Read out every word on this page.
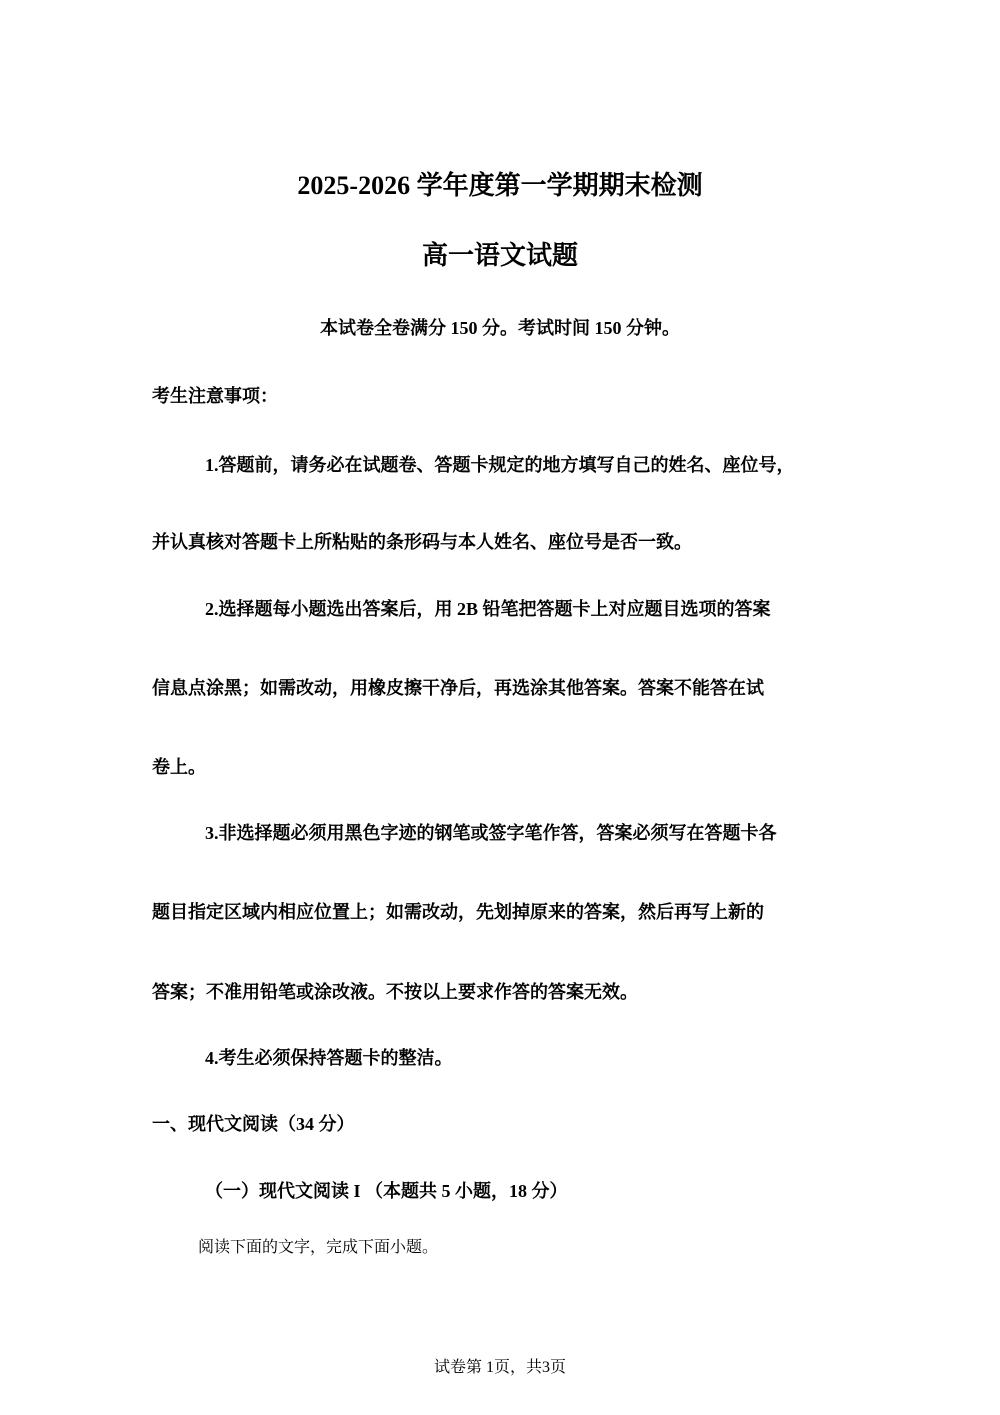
2025-2026 学年度第一学期期末检测
高一语文试题
本试卷全卷满分 150 分。考试时间 150 分钟。
考生注意事项：
1.答题前，请务必在试题卷、答题卡规定的地方填写自己的姓名、座位号，
并认真核对答题卡上所粘贴的条形码与本人姓名、座位号是否一致。
2.选择题每小题选出答案后，用 2B 铅笔把答题卡上对应题目选项的答案
信息点涂黑；如需改动，用橡皮擦干净后，再选涂其他答案。答案不能答在试
卷上。
3.非选择题必须用黑色字迹的钢笔或签字笔作答，答案必须写在答题卡各
题目指定区域内相应位置上；如需改动，先划掉原来的答案，然后再写上新的
答案；不准用铅笔或涂改液。不按以上要求作答的答案无效。
4.考生必须保持答题卡的整洁。
一、现代文阅读（34 分）
（一）现代文阅读 I （本题共 5 小题，18 分）
阅读下面的文字，完成下面小题。
试卷第 1页，共3页
